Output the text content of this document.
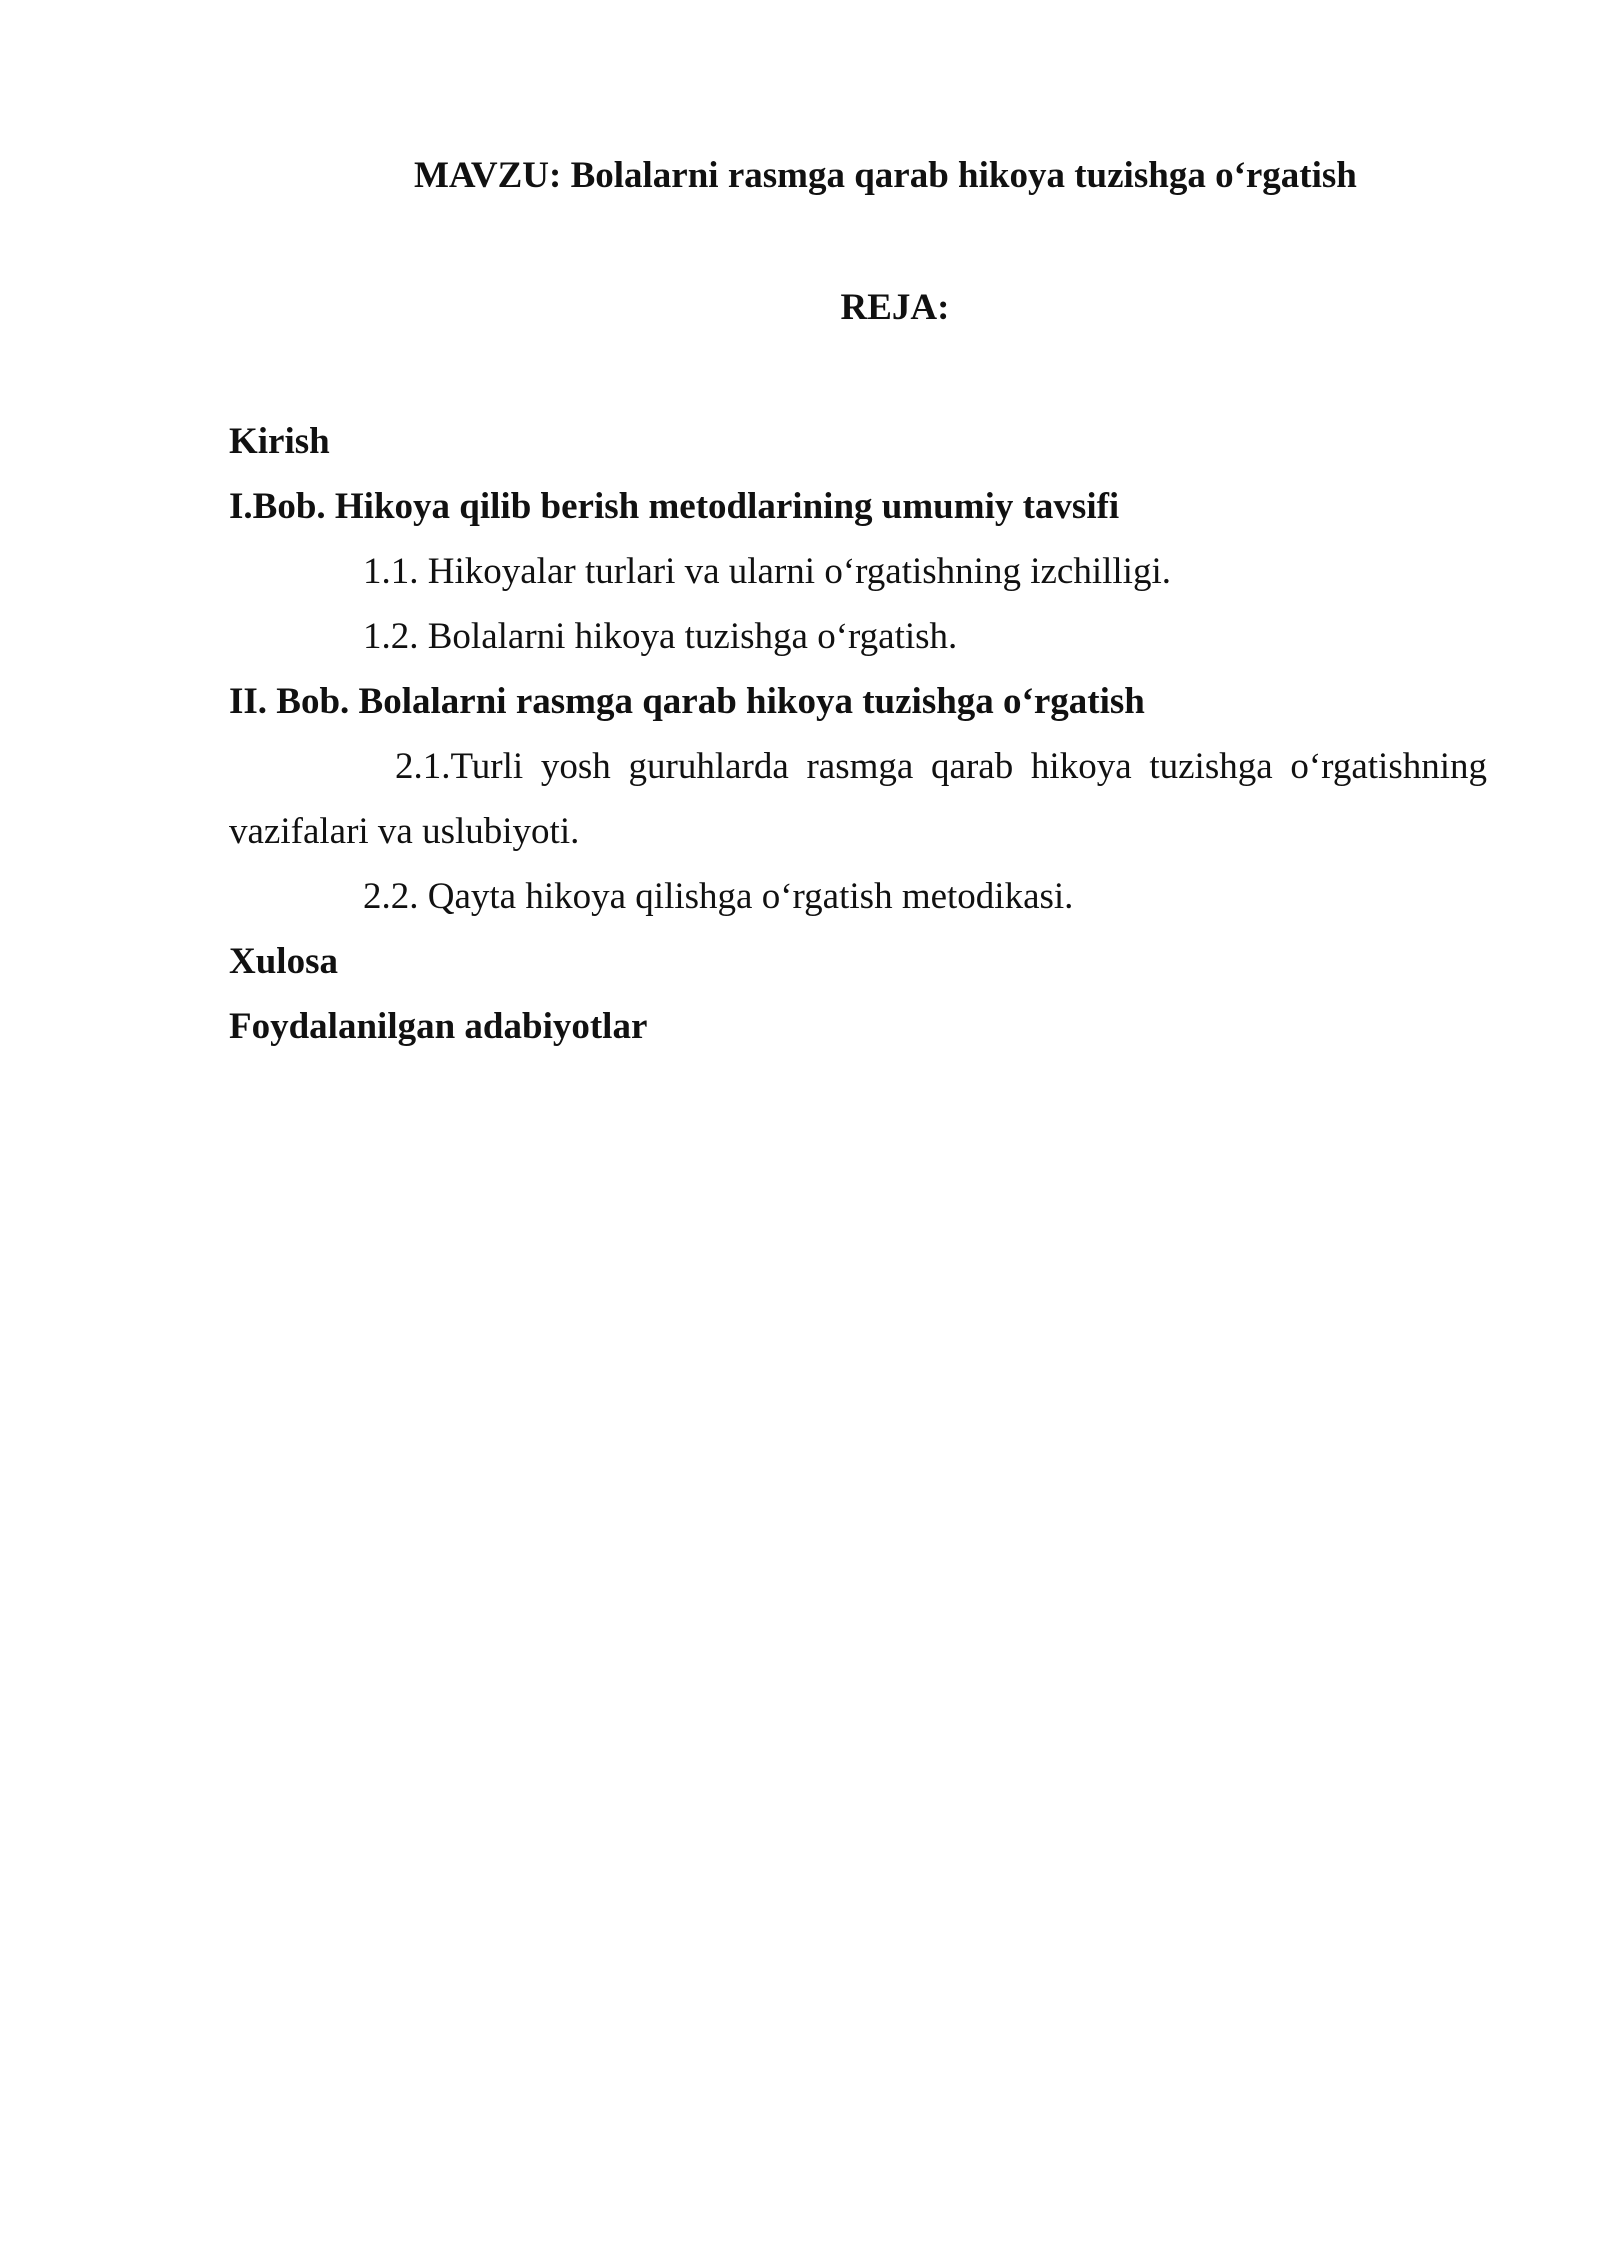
MAVZU: Bolalarni rasmga qarab hikoya tuzishga o‘rgatish
REJA:
Kirish
I.Bob. Hikoya qilib berish metodlarining umumiy tavsifi
1.1. Hikoyalar turlari va ularni o‘rgatishning izchilligi.
1.2. Bolalarni hikoya tuzishga o‘rgatish.
II. Bob. Bolalarni rasmga qarab hikoya tuzishga o‘rgatish
2.1.Turli yosh guruhlarda rasmga qarab hikoya tuzishga o‘rgatishning vazifalari va uslubiyoti.
2.2. Qayta hikoya qilishga o‘rgatish metodikasi.
Xulosa
Foydalanilgan adabiyotlar
